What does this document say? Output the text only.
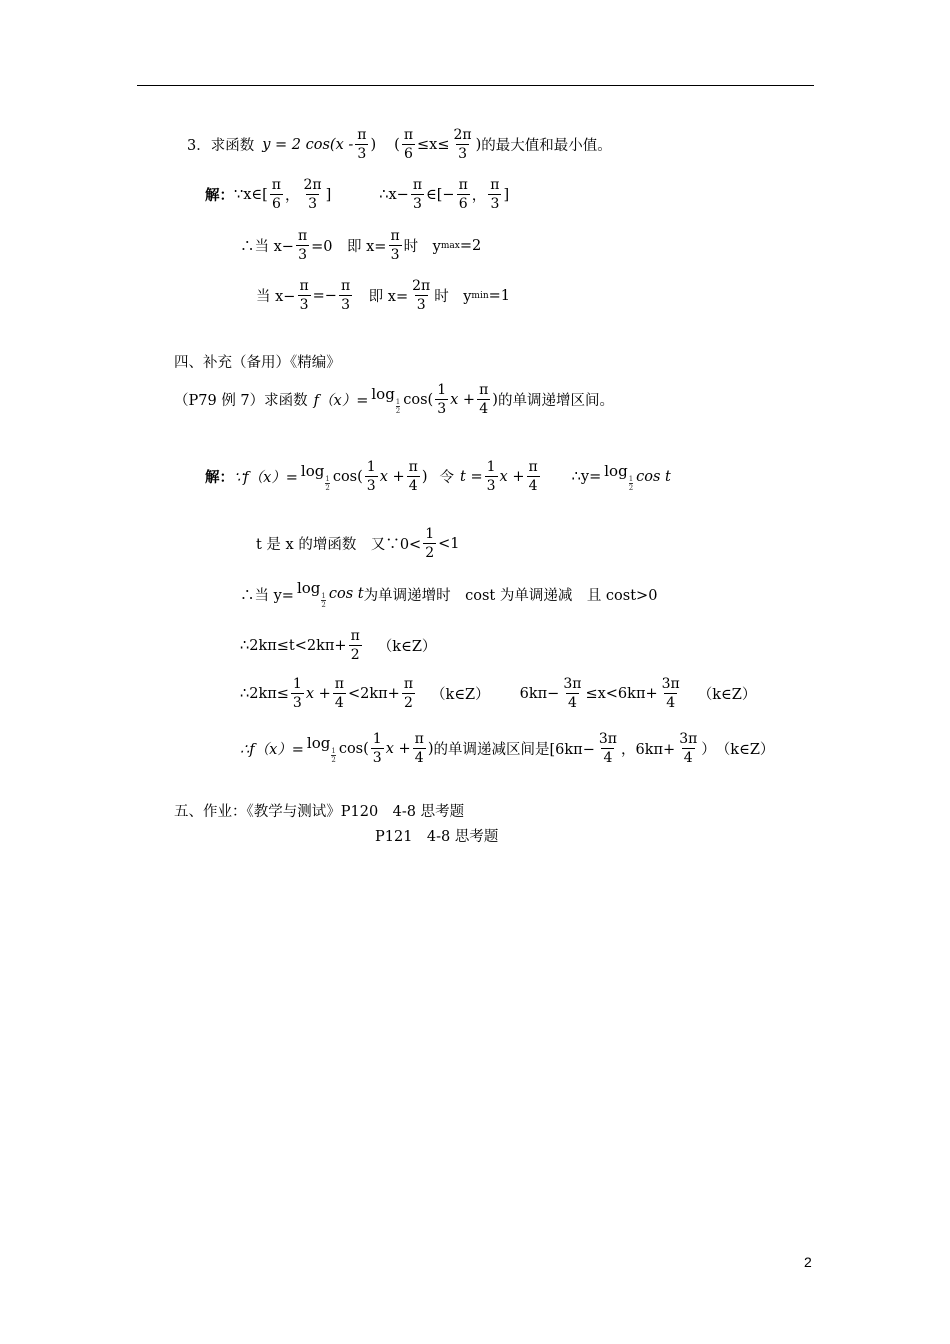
3．求函数 y = 2 cos(x -
π
3
) ( $\frac{\pi}{6} \le x\le \frac{2\pi}{3}$ ) 的最大值和最小值。
解： ∵x∈[
π
6 ，
2π
3
]	∴x− $\frac{\pi}{3}$ ∈[− $\frac{\pi}{6}$ ，
π
3
]
∴当 $x- \frac{\pi}{3} =0$　即 $x= \frac{\pi}{3}$ 时　y max =2
当 $x- \frac{\pi}{3} =- \frac{\pi}{3}$ 　即 $x= \frac{2\pi}{3}$ 时　y min =1
四、补充（备用）《精编》
（P79 例 7）求函数 f（x）= log 1
2
cos(
1
3
$x + \frac{\pi}{4}$ ) 的单调递增区间。
解： ∵f（x）= log 1
2
cos(
1
3
$x + \frac{\pi}{4}$ ) 令 $t = \frac{1}{3}$ $x + \frac{\pi}{4}$ ∴y= log 1
2
cos t
t 是 x 的增函数　又∵0<
1
2
<1
∴当 y= log 1
2
cos t 为单调递增时　cost 为单调递减　且 cost>0
∴2kπ≤t<2kπ+ $\frac{\pi}{2}$ （k∈Z）
∴2kπ≤ $\frac{1}{3}$ $x + \frac{\pi}{4} <2k\pi+ \frac{\pi}{2}$ （k∈Z） $6k\pi- \frac{3\pi}{4} \le x<6k\pi+ \frac{3\pi}{4}$ （k∈Z）
∴f（x）= log 1
2
cos(
1
3
$x + \frac{\pi}{4}$ ) 的单调递减区间是[$6k\pi- \frac{3\pi}{4}$ ，$6k\pi+ \frac{3\pi}{4}$ ）　（k∈Z）
五、作业：《教学与测试》P120　4-8 思考题
P121　4-8 思考题
2
